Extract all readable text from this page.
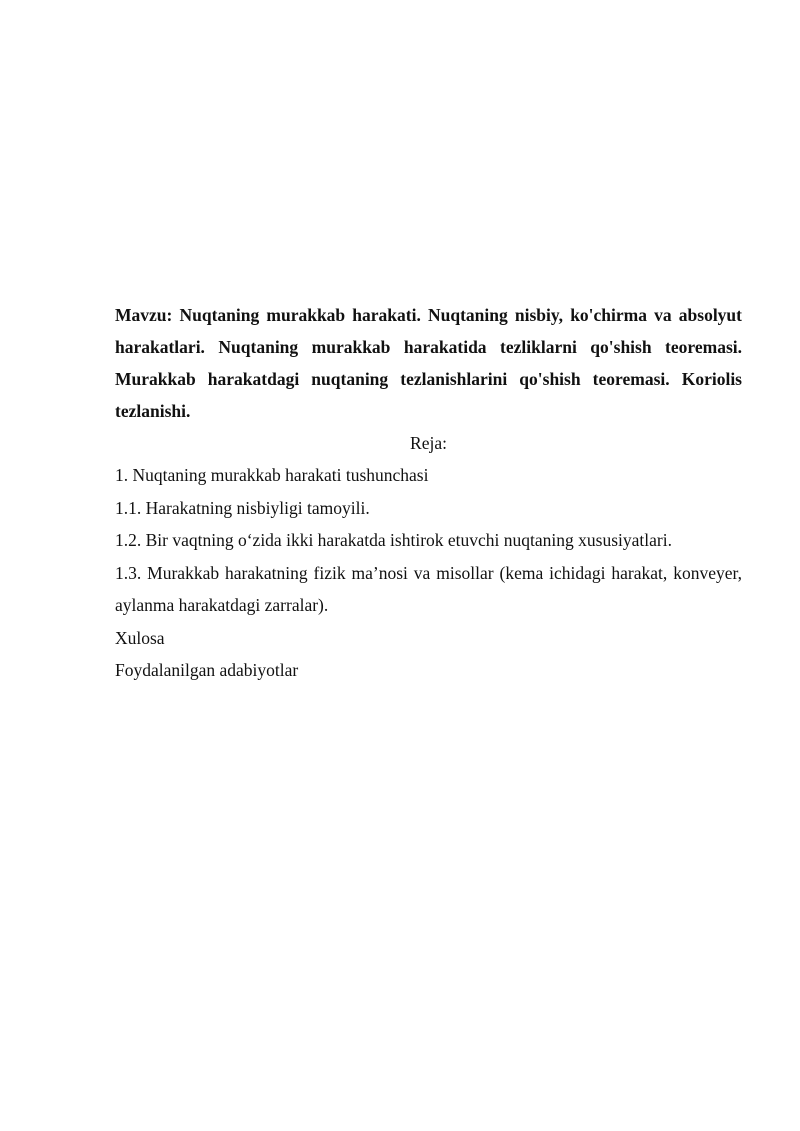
Mavzu: Nuqtaning murakkab harakati. Nuqtaning nisbiy, ko'chirma va absolyut harakatlari. Nuqtaning murakkab harakatida tezliklarni qo'shish teoremasi. Murakkab harakatdagi nuqtaning tezlanishlarini qo'shish teoremasi. Koriolis tezlanishi.

Reja:

1. Nuqtaning murakkab harakati tushunchasi

1.1. Harakatning nisbiyligi tamoyili.

1.2. Bir vaqtning o‘zida ikki harakatda ishtirok etuvchi nuqtaning xususiyatlari.

1.3. Murakkab harakatning fizik ma’nosi va misollar (kema ichidagi harakat, konveyer, aylanma harakatdagi zarralar).

Xulosa

Foydalanilgan adabiyotlar
